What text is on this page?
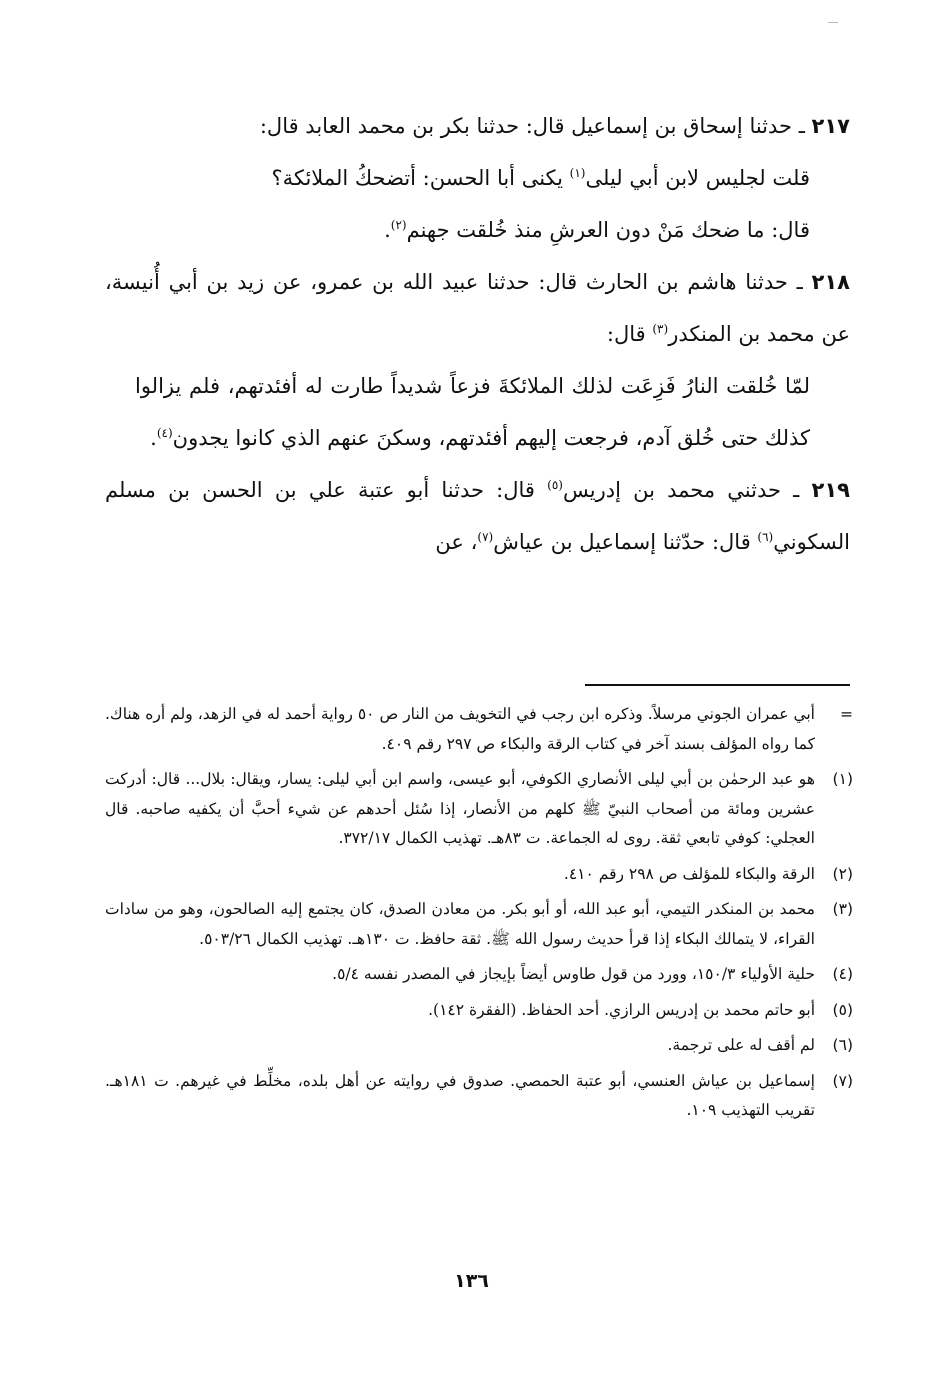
٢١٧ ـ حدثنا إسحاق بن إسماعيل قال: حدثنا بكر بن محمد العابد قال:

قلت لجليس لابن أبي ليلى$^{(١)}$ يكنى أبا الحسن: أتضحكُ الملائكة؟

قال: ما ضحك مَنْ دون العرشِ منذ خُلقت جهنم$^{(٢)}$.

٢١٨ ـ حدثنا هاشم بن الحارث قال: حدثنا عبيد الله بن عمرو، عن زيد بن أبي أُنيسة، عن محمد بن المنكدر$^{(٣)}$ قال:

لمّا خُلقت النارُ فَزِعَت لذلك الملائكةَ فزعاً شديداً طارت له أفئدتهم، فلم يزالوا كذلك حتى خُلق آدم، فرجعت إليهم أفئدتهم، وسكنَ عنهم الذي كانوا يجدون$^{(٤)}$.

٢١٩ ـ حدثني محمد بن إدريس$^{(٥)}$ قال: حدثنا أبو عتبة علي بن الحسن بن مسلم السكوني$^{(٦)}$ قال: حدّثنا إسماعيل بن عياش$^{(٧)}$، عن

=
أبي عمران الجوني مرسلاً. وذكره ابن رجب في التخويف من النار ص ٥٠ رواية أحمد له في الزهد، ولم أره هناك. كما رواه المؤلف بسند آخر في كتاب الرقة والبكاء ص ٢٩٧ رقم ٤٠٩.
(١)
هو عبد الرحمٰن بن أبي ليلى الأنصاري الكوفي، أبو عيسى، واسم ابن أبي ليلى: يسار، ويقال: بلال... قال: أدركت عشرين ومائة من أصحاب النبيّ ﷺ كلهم من الأنصار، إذا سُئل أحدهم عن شيء أحبَّ أن يكفيه صاحبه. قال العجلي: كوفي تابعي ثقة. روى له الجماعة. ت ٨٣هـ. تهذيب الكمال ٣٧٢/١٧.
(٢)
الرقة والبكاء للمؤلف ص ٢٩٨ رقم ٤١٠.
(٣)
محمد بن المنكدر التيمي، أبو عبد الله، أو أبو بكر. من معادن الصدق، كان يجتمع إليه الصالحون، وهو من سادات القراء، لا يتمالك البكاء إذا قرأ حديث رسول الله ﷺ. ثقة حافظ. ت ١٣٠هـ. تهذيب الكمال ٥٠٣/٢٦.
(٤)
حلية الأولياء ١٥٠/٣، وورد من قول طاوس أيضاً بإيجاز في المصدر نفسه ٥/٤.
(٥)
أبو حاتم محمد بن إدريس الرازي. أحد الحفاظ. (الفقرة ١٤٢).
(٦)
لم أقف له على ترجمة.
(٧)
إسماعيل بن عياش العنسي، أبو عتبة الحمصي. صدوق في روايته عن أهل بلده، مخلِّط في غيرهم. ت ١٨١هـ. تقريب التهذيب ١٠٩.
١٣٦
